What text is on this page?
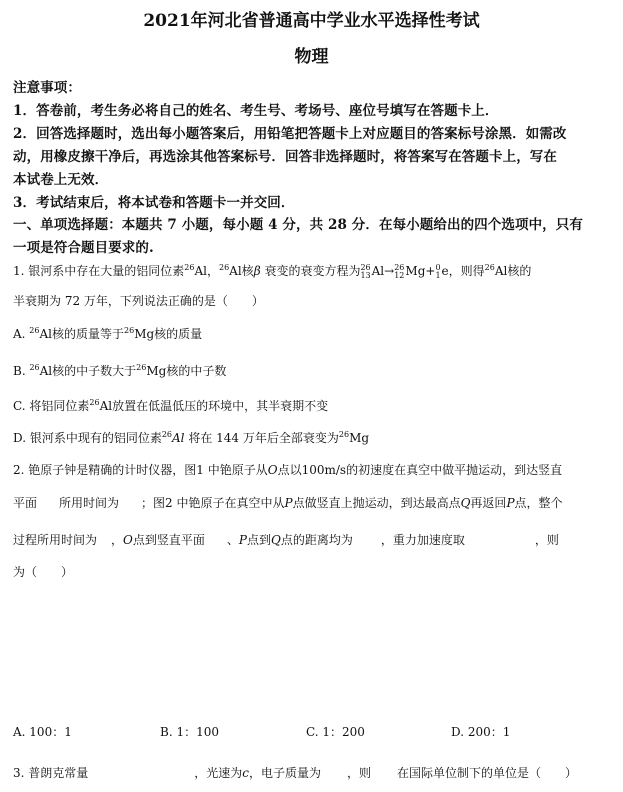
2021年河北省普通高中学业水平选择性考试
物理
注意事项：
1．答卷前，考生务必将自己的姓名、考生号、考场号、座位号填写在答题卡上．
2．回答选择题时，选出每小题答案后，用铅笔把答题卡上对应题目的答案标号涂黑．如需改
动，用橡皮擦干净后，再选涂其他答案标号．回答非选择题时，将答案写在答题卡上，写在
本试卷上无效．
3．考试结束后，将本试卷和答题卡一并交回．
一、单项选择题：本题共 7 小题，每小题 4 分，共 28 分．在每小题给出的四个选项中，只有
一项是符合题目要求的.
1. 银河系中存在大量的铝同位素$^{26}$Al，$^{26}$Al核β 衰变的衰变方程为26
13Al→26
12Mg+0
1e，则得$^{26}$Al核的
半衰期为 72 万年，下列说法正确的是（　　）
A. $^{26}$Al核的质量等于$^{26}$Mg核的质量
B. $^{26}$Al核的中子数大于$^{26}$Mg核的中子数
C. 将铝同位素$^{26}$Al放置在低温低压的环境中，其半衰期不变
D. 银河系中现有的铝同位素$^{26}$Al 将在 144 万年后全部衰变为$^{26}$Mg
2. 铯原子钟是精确的计时仪器，图1 中铯原子从O点以100m/s的初速度在真空中做平抛运动，到达竖直
平面 所用时间为 ；图2 中铯原子在真空中从P点做竖直上抛运动，到达最高点Q再返回P点，整个
过程所用时间为 ，O点到竖直平面 、P点到Q点的距离均为 ，重力加速度取	，则
为（　　）
A. 100：1	B. 1：100	C. 1：200	D. 200：1
3. 普朗克常量	，光速为c，电子质量为 ，则 在国际单位制下的单位是（　　）
